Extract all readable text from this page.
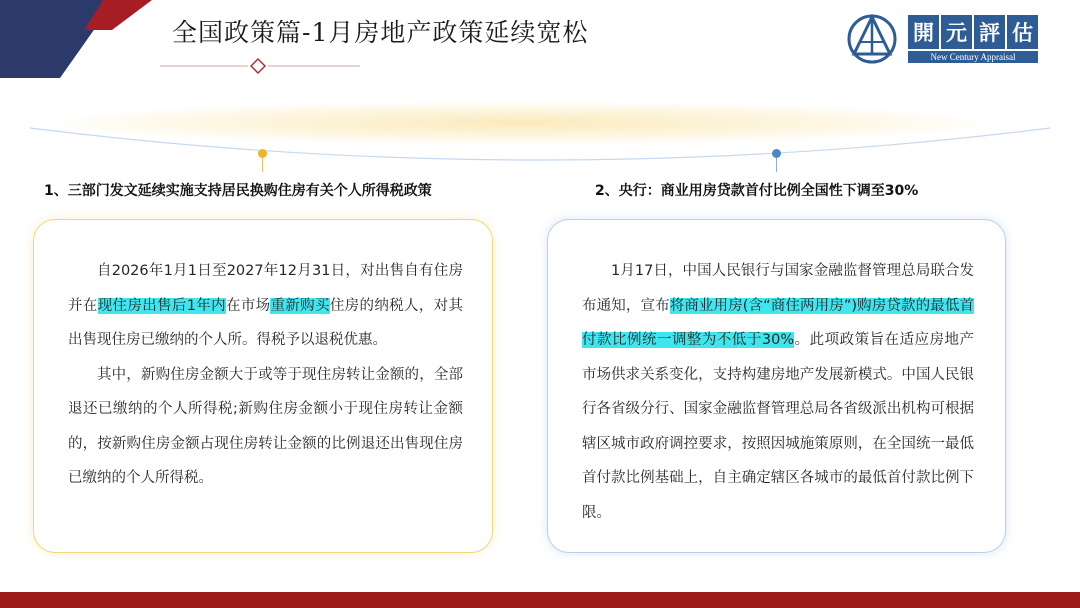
全国政策篇-1月房地产政策延续宽松	開 元 評 估
New Century Appraisal
1、三部门发文延续实施支持居民换购住房有关个人所得税政策	2、央行：商业用房贷款首付比例全国性下调至30%

自2026年1月1日至2027年12月31日，对出售自有住房并在现住房出售后1年内在市场重新购买住房的纳税人，对其出售现住房已缴纳的个人所。得税予以退税优惠。

其中，新购住房金额大于或等于现住房转让金额的，全部退还已缴纳的个人所得税;新购住房金额小于现住房转让金额的，按新购住房金额占现住房转让金额的比例退还出售现住房已缴纳的个人所得税。

1月17日，中国人民银行与国家金融监督管理总局联合发布通知，宣布将商业用房(含“商住两用房”)购房贷款的最低首付款比例统一调整为不低于30%。此项政策旨在适应房地产市场供求关系变化，支持构建房地产发展新模式。中国人民银行各省级分行、国家金融监督管理总局各省级派出机构可根据辖区城市政府调控要求，按照因城施策原则，在全国统一最低首付款比例基础上，自主确定辖区各城市的最低首付款比例下限。
